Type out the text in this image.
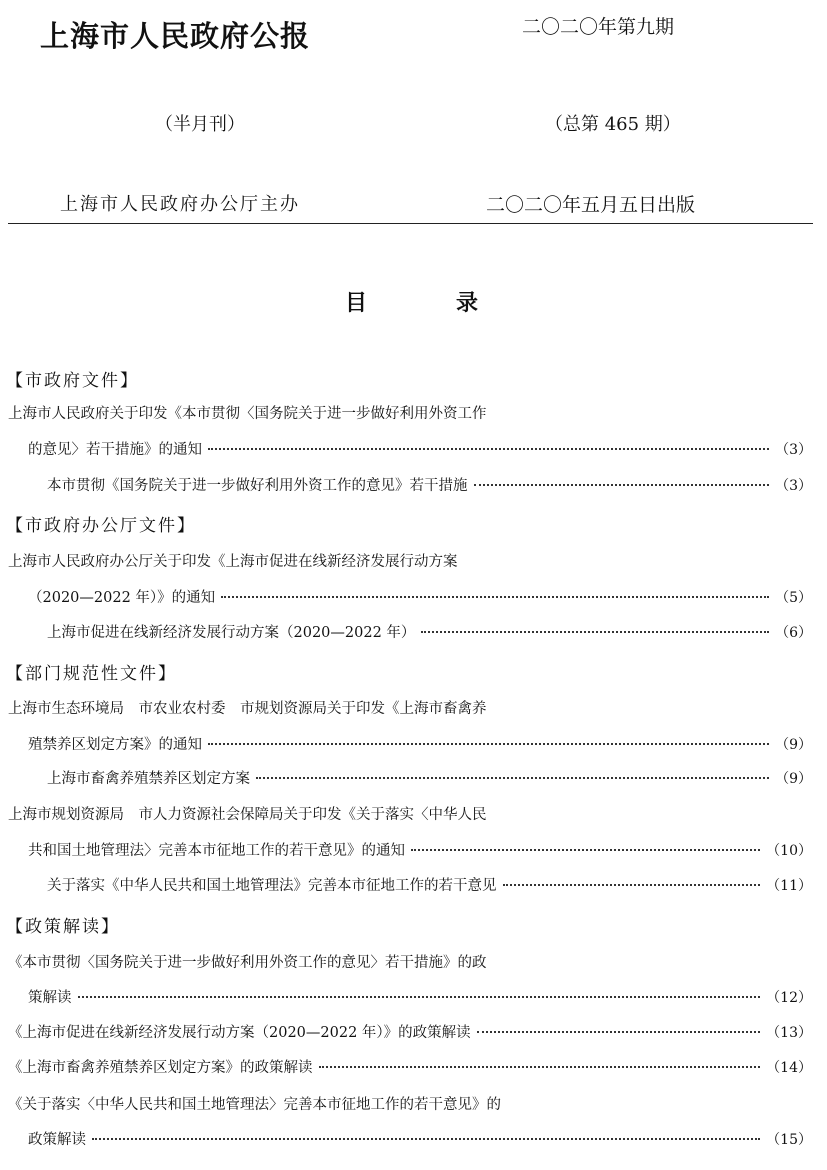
上海市人民政府公报	二〇二〇年第九期
（半月刊）	（总第 465 期）
上海市人民政府办公厅主办	二〇二〇年五月五日出版
目	录
【市政府文件】
上海市人民政府关于印发《本市贯彻〈国务院关于进一步做好利用外资工作
的意见〉若干措施》的通知	（3）
本市贯彻《国务院关于进一步做好利用外资工作的意见》若干措施	（3）
【市政府办公厅文件】
上海市人民政府办公厅关于印发《上海市促进在线新经济发展行动方案
（2020—2022 年）》的通知	（5）
上海市促进在线新经济发展行动方案（2020—2022 年）	（6）
【部门规范性文件】
上海市生态环境局　市农业农村委　市规划资源局关于印发《上海市畜禽养
殖禁养区划定方案》的通知	（9）
上海市畜禽养殖禁养区划定方案	（9）
上海市规划资源局　市人力资源社会保障局关于印发《关于落实〈中华人民
共和国土地管理法〉完善本市征地工作的若干意见》的通知	（10）
关于落实《中华人民共和国土地管理法》完善本市征地工作的若干意见	（11）
【政策解读】
《本市贯彻〈国务院关于进一步做好利用外资工作的意见〉若干措施》的政
策解读	（12）
《上海市促进在线新经济发展行动方案（2020—2022 年）》的政策解读	（13）
《上海市畜禽养殖禁养区划定方案》的政策解读	（14）
《关于落实〈中华人民共和国土地管理法〉完善本市征地工作的若干意见》的
政策解读	（15）
